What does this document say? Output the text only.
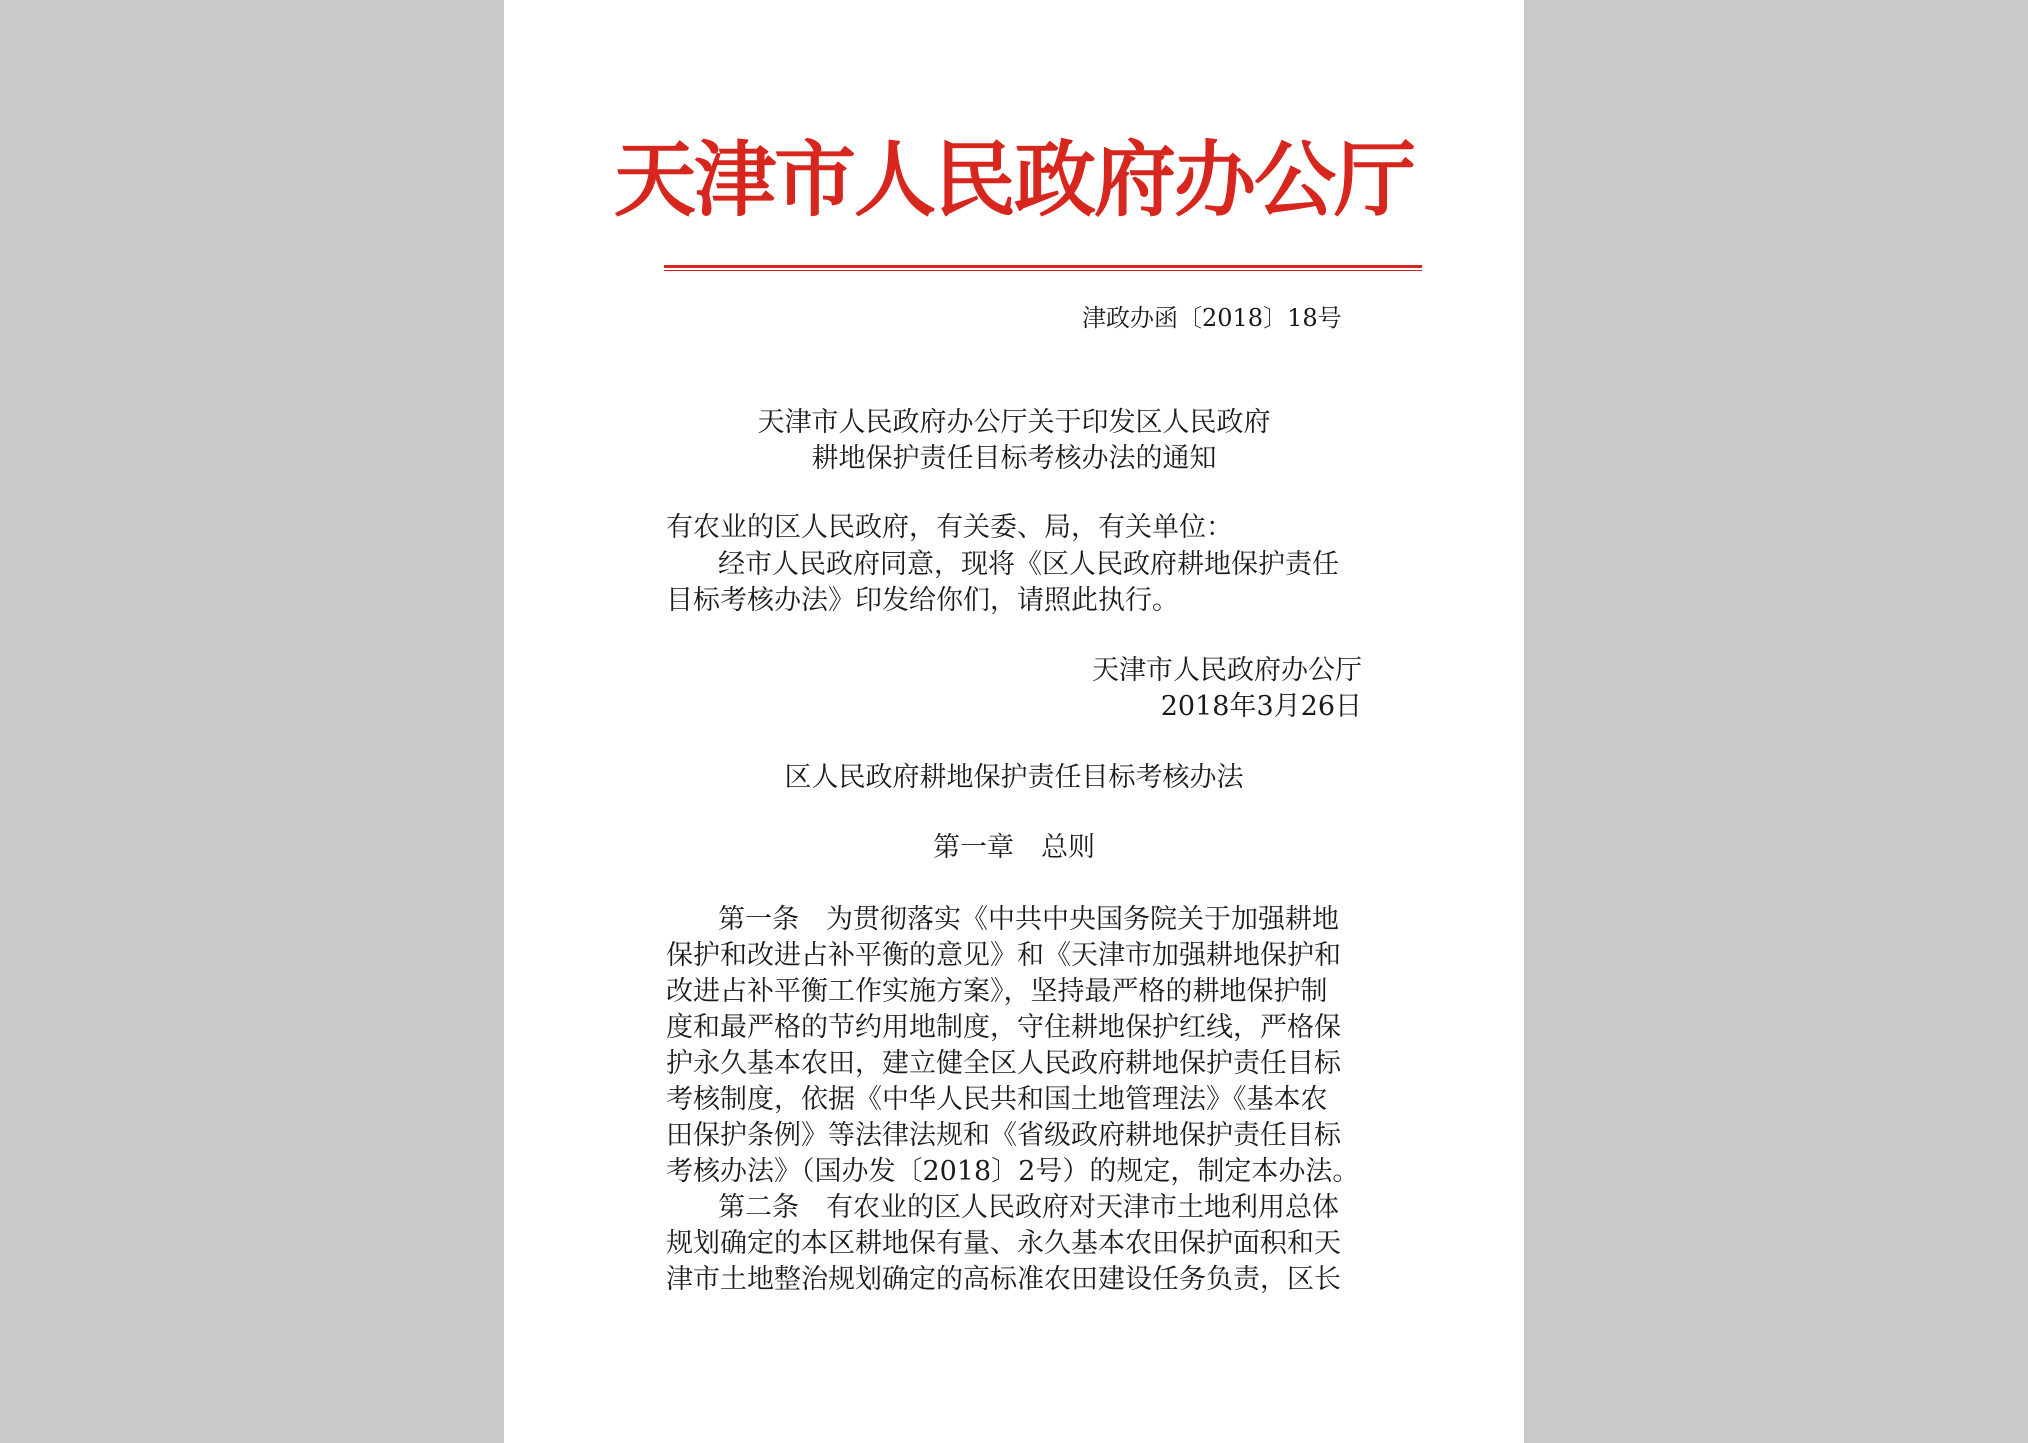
天津市人民政府办公厅
津政办函〔2018〕18号
天津市人民政府办公厅关于印发区人民政府
耕地保护责任目标考核办法的通知
有农业的区人民政府，有关委、局，有关单位：
经市人民政府同意，现将《区人民政府耕地保护责任
目标考核办法》印发给你们，请照此执行。
天津市人民政府办公厅
2018年3月26日
区人民政府耕地保护责任目标考核办法
第一章　总则
第一条　为贯彻落实《中共中央国务院关于加强耕地
保护和改进占补平衡的意见》和《天津市加强耕地保护和
改进占补平衡工作实施方案》，坚持最严格的耕地保护制
度和最严格的节约用地制度，守住耕地保护红线，严格保
护永久基本农田，建立健全区人民政府耕地保护责任目标
考核制度，依据《中华人民共和国土地管理法》《基本农
田保护条例》等法律法规和《省级政府耕地保护责任目标
考核办法》（国办发〔2018〕2号）的规定，制定本办法。
第二条　有农业的区人民政府对天津市土地利用总体
规划确定的本区耕地保有量、永久基本农田保护面积和天
津市土地整治规划确定的高标准农田建设任务负责，区长
